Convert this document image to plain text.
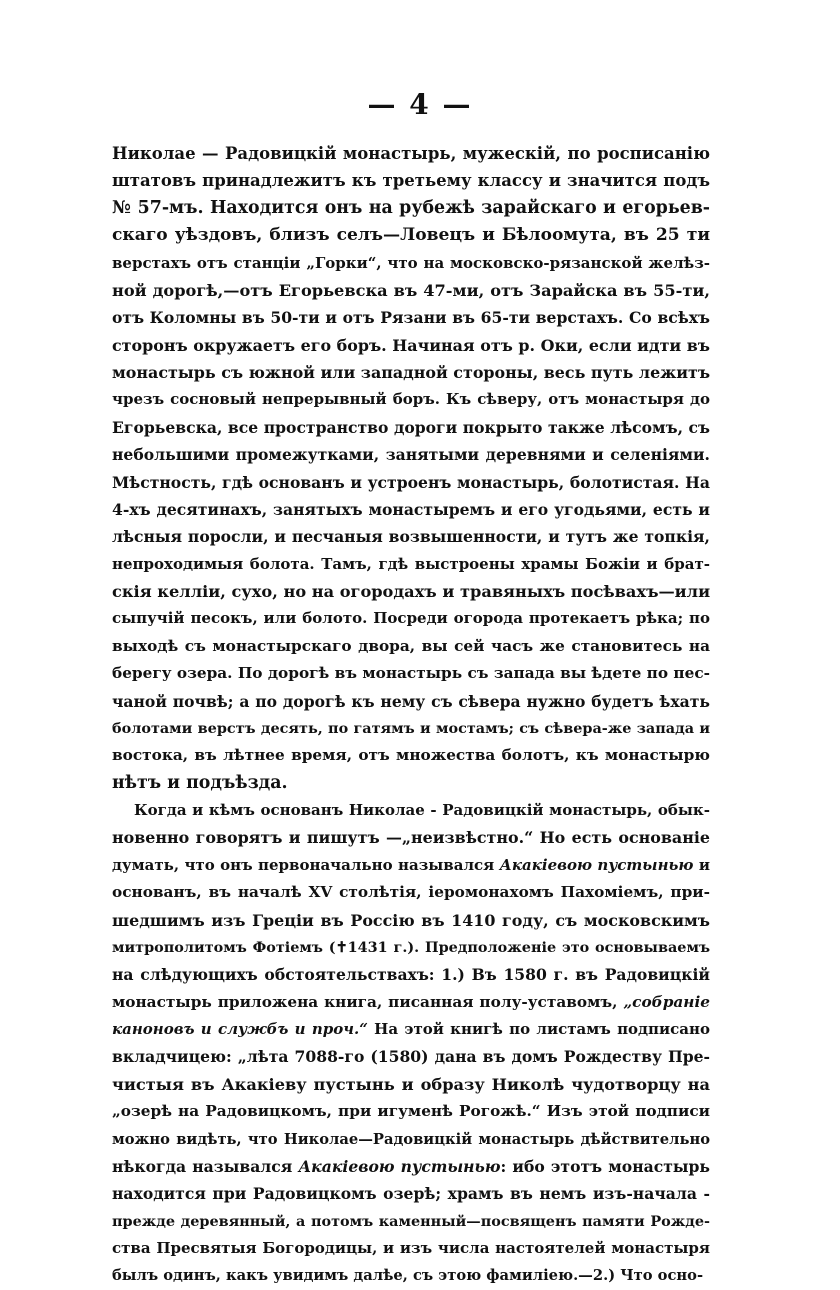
— 4 —
Николае — Радовицкій монастырь, мужескій, по росписанію
штатовъ принадлежитъ къ третьему классу и значится подъ
№ 57-мъ. Находится онъ на рубежѣ зарайскаго и егорьев-
скаго уѣздовъ, близъ селъ—Ловецъ и Бѣлоомута, въ 25 ти
верстахъ отъ станціи „Горки“, что на московско-рязанской желѣз-
ной дорогѣ,—отъ Егорьевска въ 47-ми, отъ Зарайска въ 55-ти,
отъ Коломны въ 50-ти и отъ Рязани въ 65-ти верстахъ. Со всѣхъ
сторонъ окружаетъ его боръ. Начиная отъ р. Оки, если идти въ
монастырь съ южной или западной стороны, весь путь лежитъ
чрезъ сосновый непрерывный боръ. Къ сѣверу, отъ монастыря до
Егорьевска, все пространство дороги покрыто также лѣсомъ, съ
небольшими промежутками, занятыми деревнями и селеніями.
Мѣстность, гдѣ основанъ и устроенъ монастырь, болотистая. На
4-хъ десятинахъ, занятыхъ монастыремъ и его угодьями, есть и
лѣсныя поросли, и песчаныя возвышенности, и тутъ же топкія,
непроходимыя болота. Тамъ, гдѣ выстроены храмы Божіи и брат-
скія келліи, сухо, но на огородахъ и травяныхъ посѣвахъ—или
сыпучій песокъ, или болото. Посреди огорода протекаетъ рѣка; по
выходѣ съ монастырскаго двора, вы сей часъ же становитесь на
берегу озера. По дорогѣ въ монастырь съ запада вы ѣдете по пес-
чаной почвѣ; а по дорогѣ къ нему съ сѣвера нужно будетъ ѣхать
болотами верстъ десять, по гатямъ и мостамъ; съ сѣвера-же запада и
востока, въ лѣтнее время, отъ множества болотъ, къ монастырю
нѣтъ и подъѣзда.
Когда и кѣмъ основанъ Николае - Радовицкій монастырь, обык-
новенно говорятъ и пишутъ —„неизвѣстно.“ Но есть основаніе
думать, что онъ первоначально назывался Акакіевою пустынью и
основанъ, въ началѣ XV столѣтія, іеромонахомъ Пахоміемъ, при-
шедшимъ изъ Греціи въ Россію въ 1410 году, съ московскимъ
митрополитомъ Фотіемъ (✝1431 г.). Предположеніе это основываемъ
на слѣдующихъ обстоятельствахъ: 1.) Въ 1580 г. въ Радовицкій
монастырь приложена книга, писанная полу-уставомъ, „собраніе
каноновъ и службъ и проч.“ На этой книгѣ по листамъ подписано
вкладчицею: „лѣта 7088-го (1580) дана въ домъ Рождеству Пре-
чистыя въ Акакіеву пустынь и образу Николѣ чудотворцу на
„озерѣ на Радовицкомъ, при игуменѣ Рогожѣ.“ Изъ этой подписи
можно видѣть, что Николае—Радовицкій монастырь дѣйствительно
нѣкогда назывался Акакіевою пустынью: ибо этотъ монастырь
находится при Радовицкомъ озерѣ; храмъ въ немъ изъ-начала -
прежде деревянный, а потомъ каменный—посвященъ памяти Рожде-
ства Пресвятыя Богородицы, и изъ числа настоятелей монастыря
былъ одинъ, какъ увидимъ далѣе, съ этою фамиліею.—2.) Что осно-
